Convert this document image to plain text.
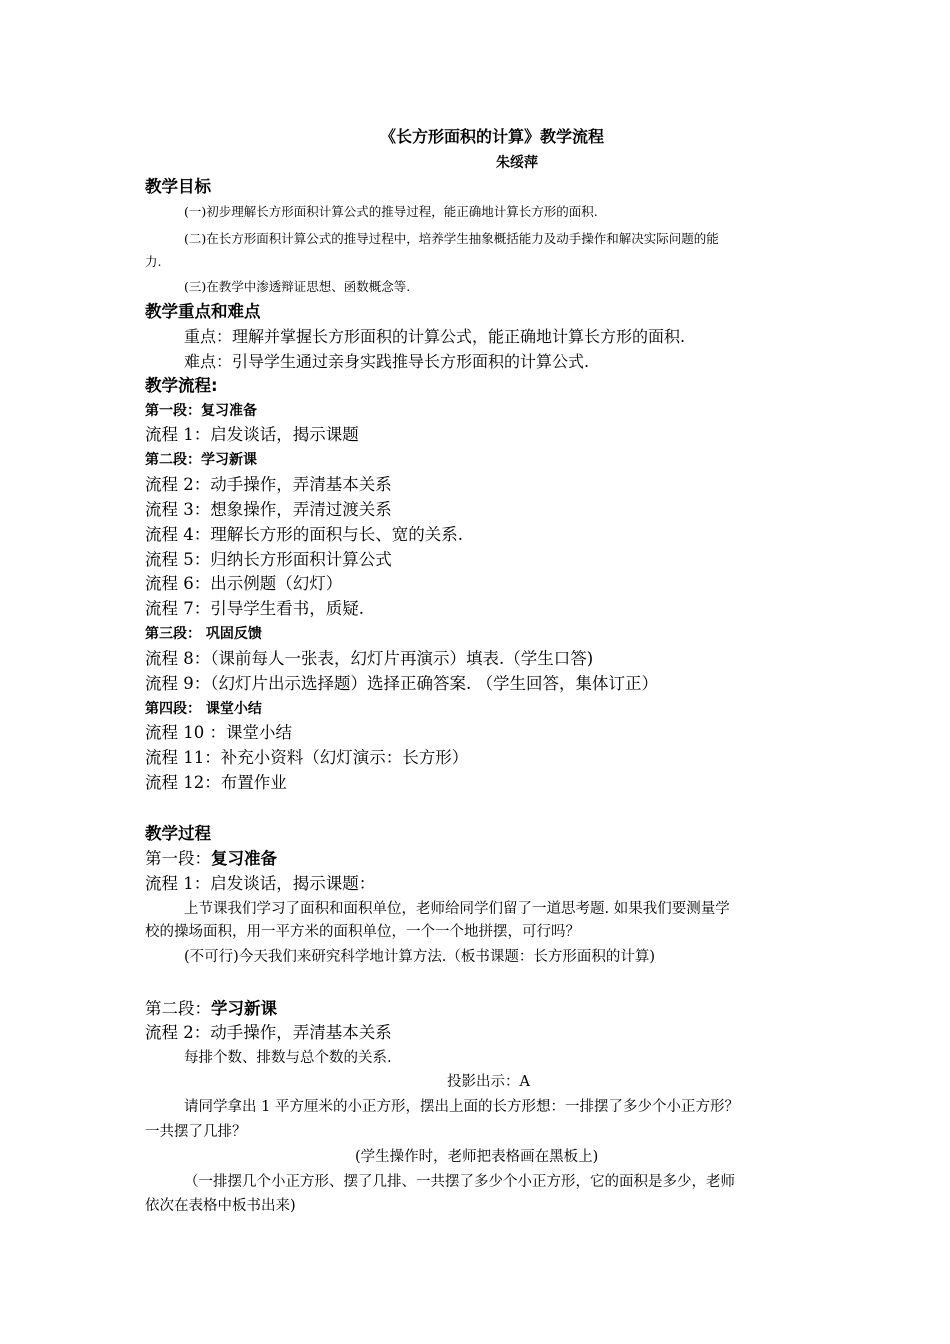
《长方形面积的计算》教学流程
朱绥萍
教学目标
(一)初步理解长方形面积计算公式的推导过程，能正确地计算长方形的面积.
(二)在长方形面积计算公式的推导过程中，培养学生抽象概括能力及动手操作和解决实际问题的能
力.
(三)在教学中渗透辩证思想、函数概念等.
教学重点和难点
重点：理解并掌握长方形面积的计算公式，能正确地计算长方形的面积.
难点：引导学生通过亲身实践推导长方形面积的计算公式.
教学流程:
第一段：复习准备
流程 1：启发谈话，揭示课题
第二段：学习新课
流程 2：动手操作，弄清基本关系
流程 3：想象操作，弄清过渡关系
流程 4：理解长方形的面积与长、宽的关系.
流程 5：归纳长方形面积计算公式
流程 6：出示例题（幻灯）
流程 7：引导学生看书，质疑.
第三段： 巩固反馈
流程 8：（课前每人一张表，幻灯片再演示）填表.（学生口答)
流程 9：（幻灯片出示选择题）选择正确答案. （学生回答，集体订正）
第四段： 课堂小结
流程 10 ：课堂小结
流程 11：补充小资料（幻灯演示：长方形）
流程 12：布置作业
教学过程
第一段：复习准备
流程 1：启发谈话，揭示课题：
上节课我们学习了面积和面积单位，老师给同学们留了一道思考题. 如果我们要测量学
校的操场面积，用一平方米的面积单位，一个一个地拼摆，可行吗？
(不可行)今天我们来研究科学地计算方法.（板书课题：长方形面积的计算)
第二段：学习新课
流程 2：动手操作，弄清基本关系
每排个数、排数与总个数的关系.
投影出示：A
请同学拿出 1 平方厘米的小正方形，摆出上面的长方形想：一排摆了多少个小正方形？
一共摆了几排？
(学生操作时，老师把表格画在黑板上)
（一排摆几个小正方形、摆了几排、一共摆了多少个小正方形，它的面积是多少，老师
依次在表格中板书出来)
